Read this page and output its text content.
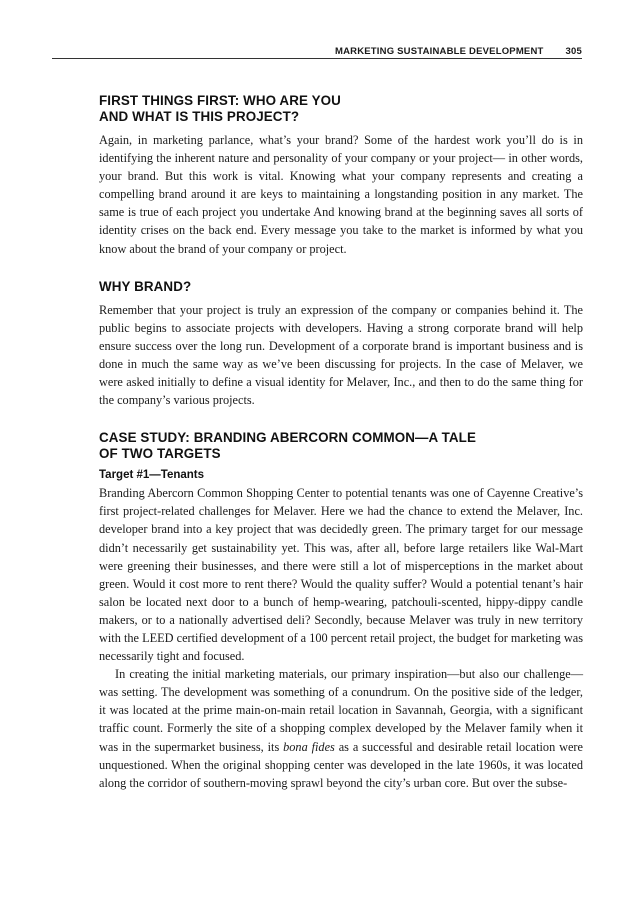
MARKETING SUSTAINABLE DEVELOPMENT 305
FIRST THINGS FIRST: WHO ARE YOU
AND WHAT IS THIS PROJECT?

Again, in marketing parlance, what’s your brand? Some of the hardest work you’ll do is in identifying the inherent nature and personality of your company or your project— in other words, your brand. But this work is vital. Knowing what your company represents and creating a compelling brand around it are keys to maintaining a longstanding position in any market. The same is true of each project you undertake And knowing brand at the beginning saves all sorts of identity crises on the back end. Every message you take to the market is informed by what you know about the brand of your company or project.

WHY BRAND?

Remember that your project is truly an expression of the company or companies behind it. The public begins to associate projects with developers. Having a strong corporate brand will help ensure success over the long run. Development of a corporate brand is important business and is done in much the same way as we’ve been discussing for projects. In the case of Melaver, we were asked initially to define a visual identity for Melaver, Inc., and then to do the same thing for the company’s various projects.

CASE STUDY: BRANDING ABERCORN COMMON—A TALE
OF TWO TARGETS
Target #1—Tenants

Branding Abercorn Common Shopping Center to potential tenants was one of Cayenne Creative’s first project-related challenges for Melaver. Here we had the chance to extend the Melaver, Inc. developer brand into a key project that was decidedly green. The primary target for our message didn’t necessarily get sustainability yet. This was, after all, before large retailers like Wal-Mart were greening their businesses, and there were still a lot of misperceptions in the market about green. Would it cost more to rent there? Would the quality suffer? Would a potential tenant’s hair salon be located next door to a bunch of hemp-wearing, patchouli-scented, hippy-dippy candle makers, or to a nationally advertised deli? Secondly, because Melaver was truly in new territory with the LEED certified development of a 100 percent retail project, the budget for marketing was necessarily tight and focused.

In creating the initial marketing materials, our primary inspiration—but also our challenge—was setting. The development was something of a conundrum. On the positive side of the ledger, it was located at the prime main-on-main retail location in Savannah, Georgia, with a significant traffic count. Formerly the site of a shopping complex developed by the Melaver family when it was in the supermarket business, its bona fides as a successful and desirable retail location were unquestioned. When the original shopping center was developed in the late 1960s, it was located along the corridor of southern-moving sprawl beyond the city’s urban core. But over the subse-
